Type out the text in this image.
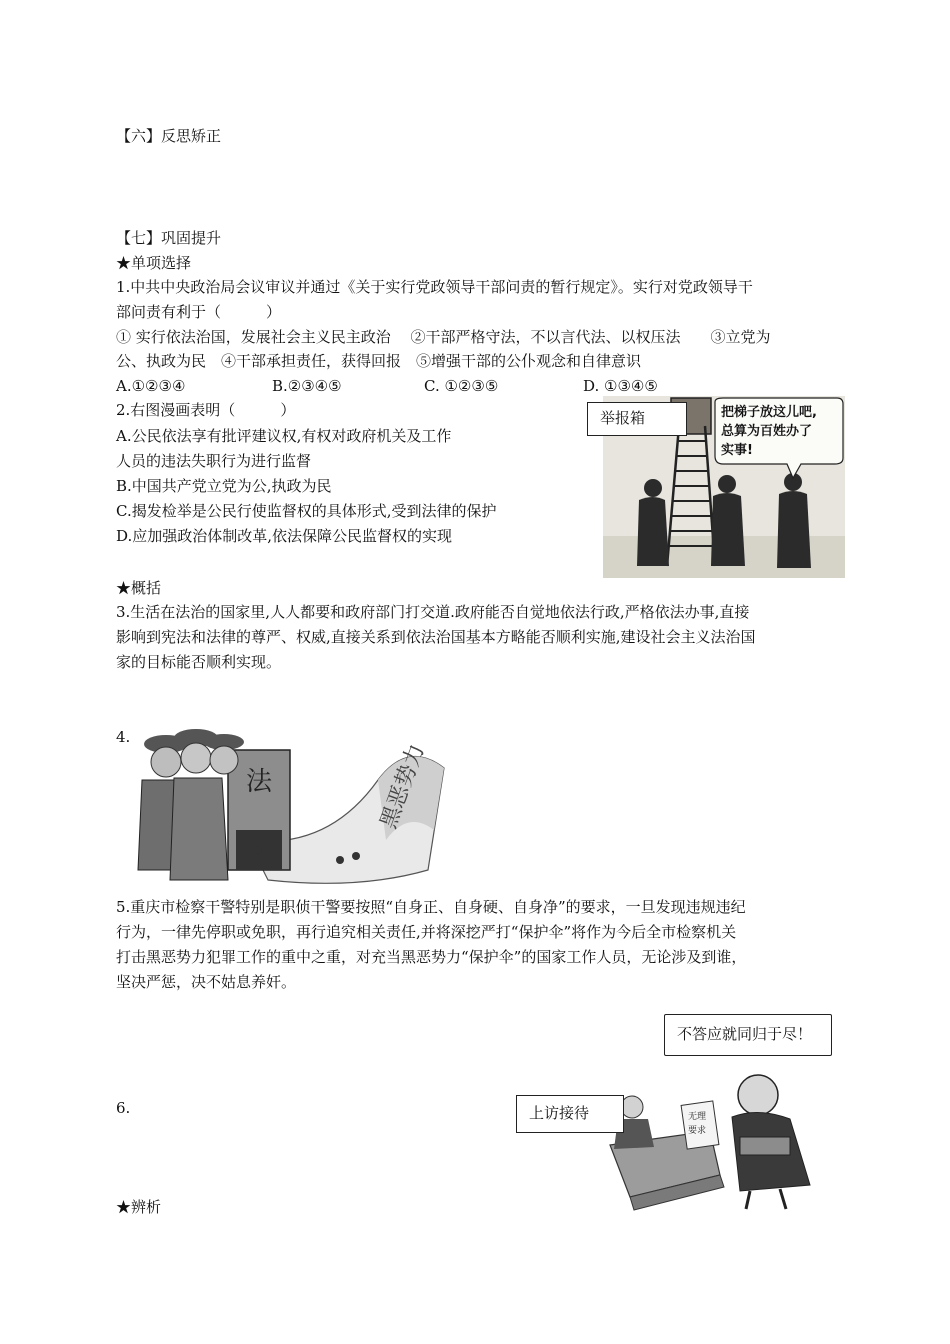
【六】反思矫正
【七】巩固提升
★单项选择
1.中共中央政治局会议审议并通过《关于实行党政领导干部问责的暂行规定》。实行对党政领导干
部问责有利于（　　　）
① 实行依法治国，发展社会主义民主政治　 ②干部严格守法，不以言代法、以权压法　　③立党为
公、执政为民　④干部承担责任，获得回报　⑤增强干部的公仆观念和自律意识
A.①②③④	B.②③④⑤	C. ①②③⑤	D. ①③④⑤
2.右图漫画表明（　　　）
A.公民依法享有批评建议权,有权对政府机关及工作
人员的违法失职行为进行监督
B.中国共产党立党为公,执政为民
C.揭发检举是公民行使监督权的具体形式,受到法律的保护
D.应加强政治体制改革,依法保障公民监督权的实现
把梯子放这儿吧,
总算为百姓办了
实事!
举报箱
★概括
3.生活在法治的国家里,人人都要和政府部门打交道.政府能否自觉地依法行政,严格依法办事,直接
影响到宪法和法律的尊严、权威,直接关系到依法治国基本方略能否顺利实施,建设社会主义法治国
家的目标能否顺利实现。
4.
黑恶势力
法
5.重庆市检察干警特别是职侦干警要按照“自身正、自身硬、自身净”的要求，一旦发现违规违纪
行为，一律先停职或免职，再行追究相关责任,并将深挖严打“保护伞”将作为今后全市检察机关
打击黑恶势力犯罪工作的重中之重，对充当黑恶势力“保护伞”的国家工作人员，无论涉及到谁，
坚决严惩，决不姑息养奸。
6.	无理
要求
不答应就同归于尽！
上访接待
★辨析
